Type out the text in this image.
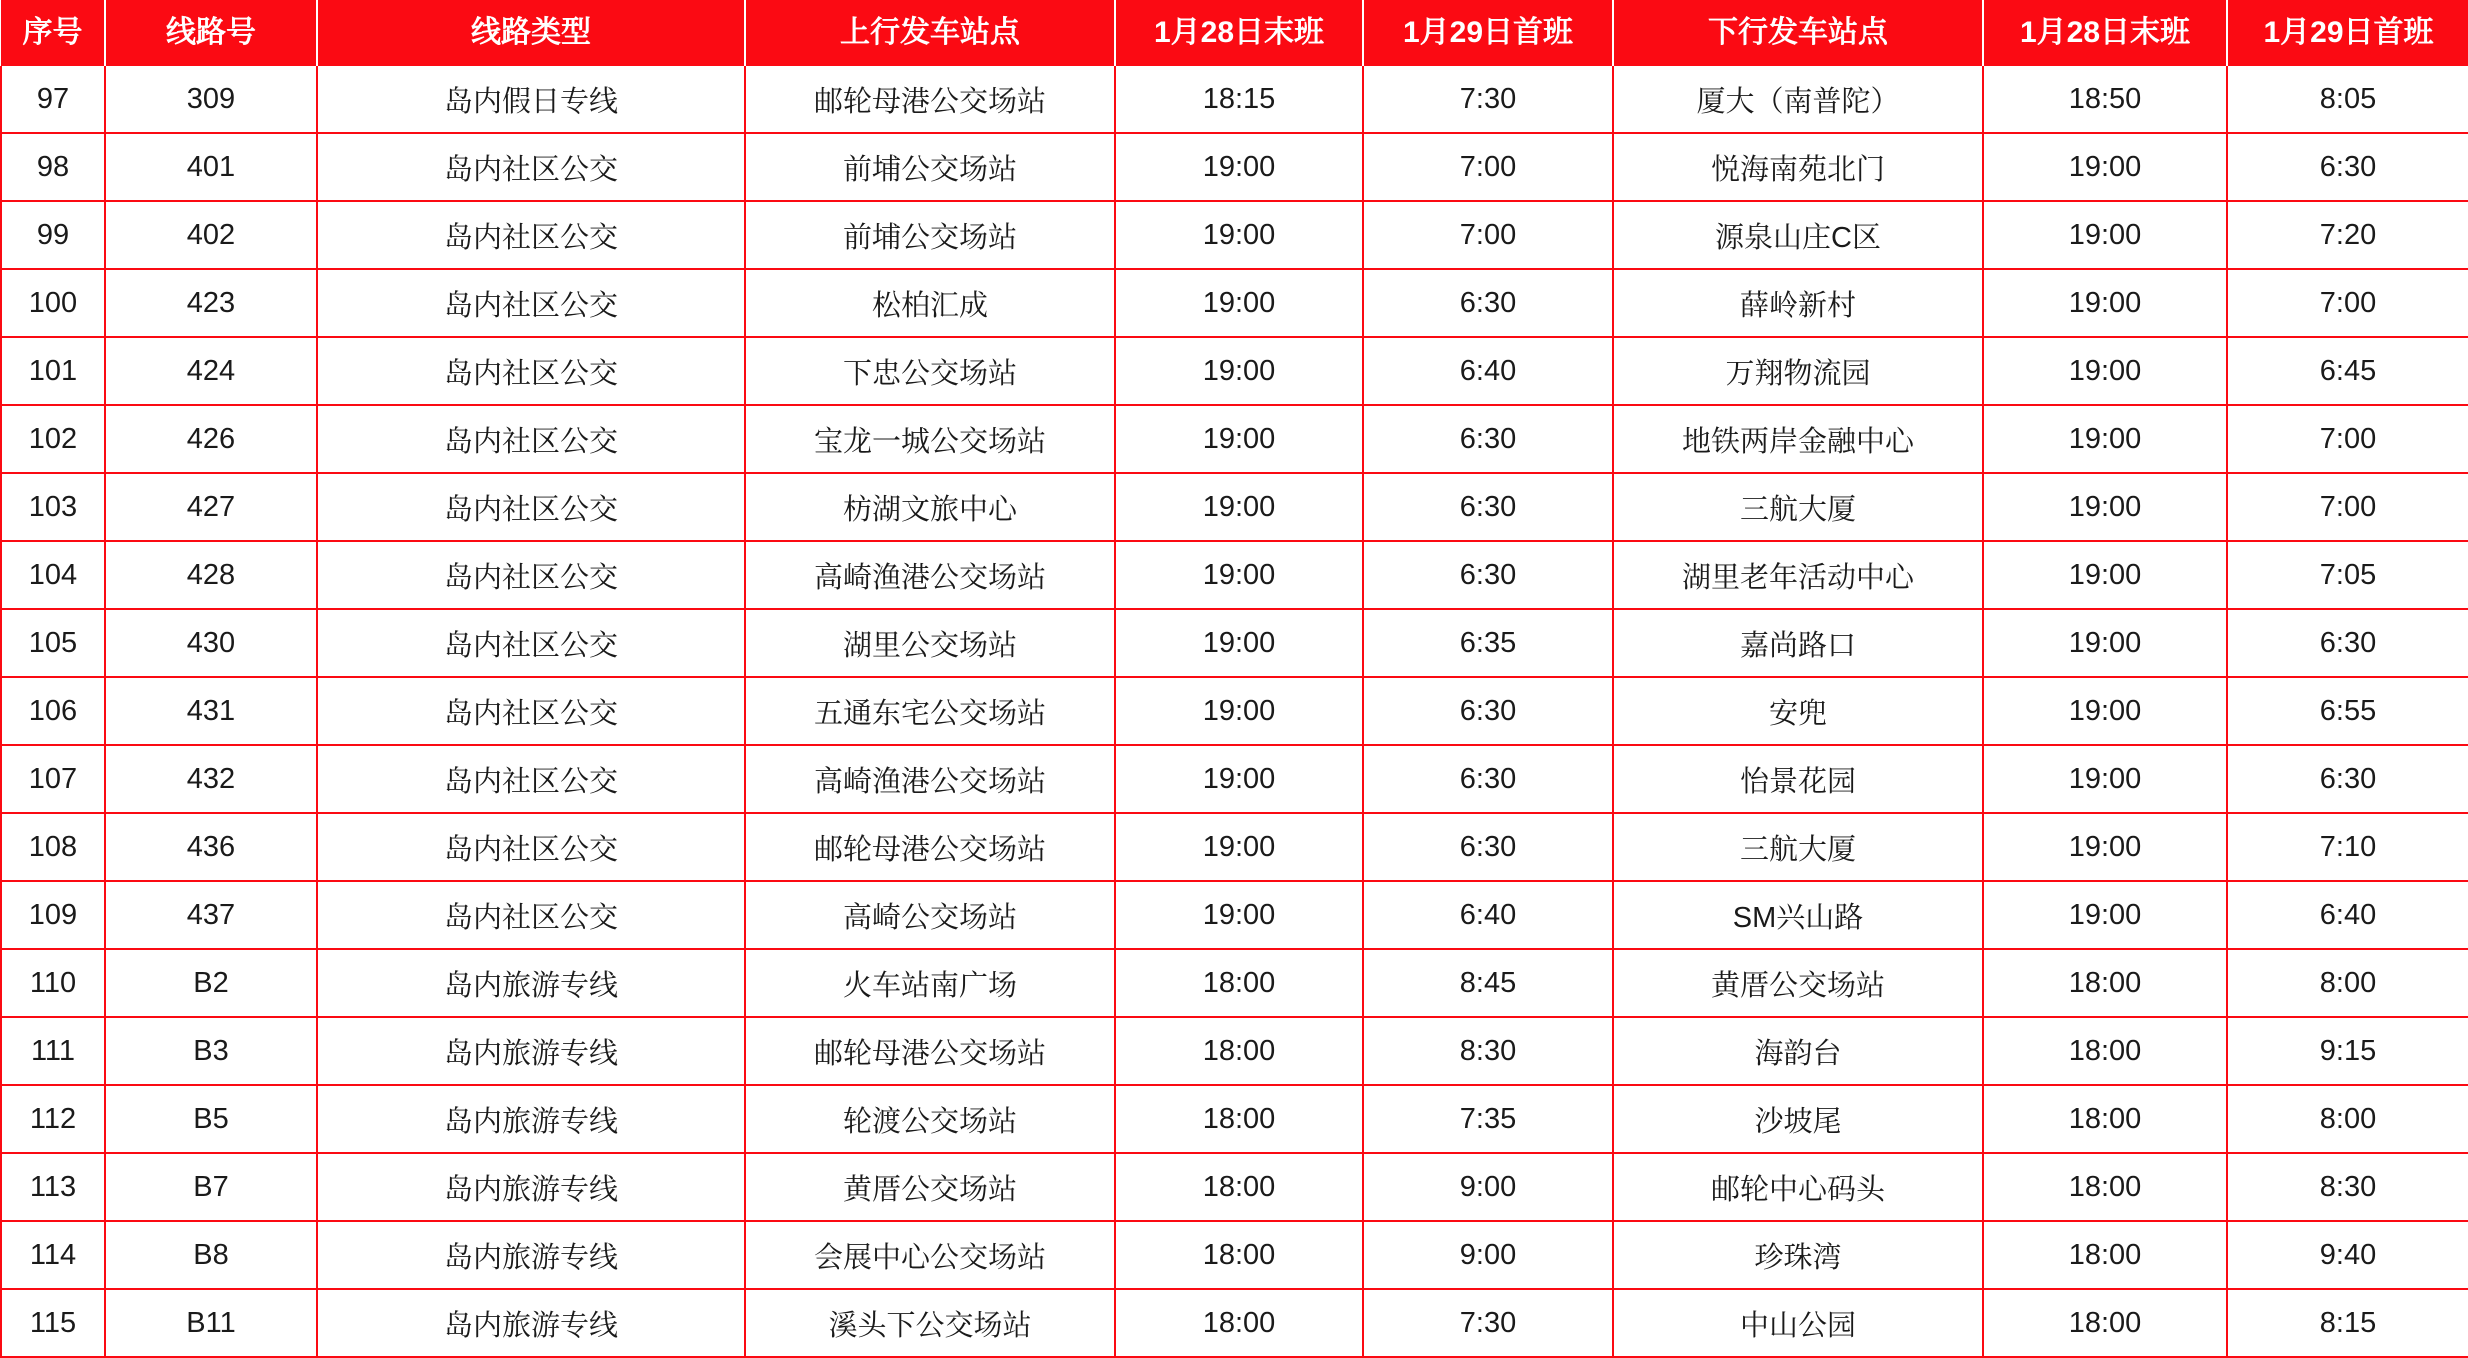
序号	线路号	线路类型	上行发车站点	1月28日末班	1月29日首班	下行发车站点	1月28日末班	1月29日首班
97	309	岛内假日专线	邮轮母港公交场站	18:15	7:30	厦大（南普陀）	18:50	8:05
98	401	岛内社区公交	前埔公交场站	19:00	7:00	悦海南苑北门	19:00	6:30
99	402	岛内社区公交	前埔公交场站	19:00	7:00	源泉山庄C区	19:00	7:20
100	423	岛内社区公交	松柏汇成	19:00	6:30	薛岭新村	19:00	7:00
101	424	岛内社区公交	下忠公交场站	19:00	6:40	万翔物流园	19:00	6:45
102	426	岛内社区公交	宝龙一城公交场站	19:00	6:30	地铁两岸金融中心	19:00	7:00
103	427	岛内社区公交	枋湖文旅中心	19:00	6:30	三航大厦	19:00	7:00
104	428	岛内社区公交	高崎渔港公交场站	19:00	6:30	湖里老年活动中心	19:00	7:05
105	430	岛内社区公交	湖里公交场站	19:00	6:35	嘉尚路口	19:00	6:30
106	431	岛内社区公交	五通东宅公交场站	19:00	6:30	安兜	19:00	6:55
107	432	岛内社区公交	高崎渔港公交场站	19:00	6:30	怡景花园	19:00	6:30
108	436	岛内社区公交	邮轮母港公交场站	19:00	6:30	三航大厦	19:00	7:10
109	437	岛内社区公交	高崎公交场站	19:00	6:40	SM兴山路	19:00	6:40
110	B2	岛内旅游专线	火车站南广场	18:00	8:45	黄厝公交场站	18:00	8:00
111	B3	岛内旅游专线	邮轮母港公交场站	18:00	8:30	海韵台	18:00	9:15
112	B5	岛内旅游专线	轮渡公交场站	18:00	7:35	沙坡尾	18:00	8:00
113	B7	岛内旅游专线	黄厝公交场站	18:00	9:00	邮轮中心码头	18:00	8:30
114	B8	岛内旅游专线	会展中心公交场站	18:00	9:00	珍珠湾	18:00	9:40
115	B11	岛内旅游专线	溪头下公交场站	18:00	7:30	中山公园	18:00	8:15
